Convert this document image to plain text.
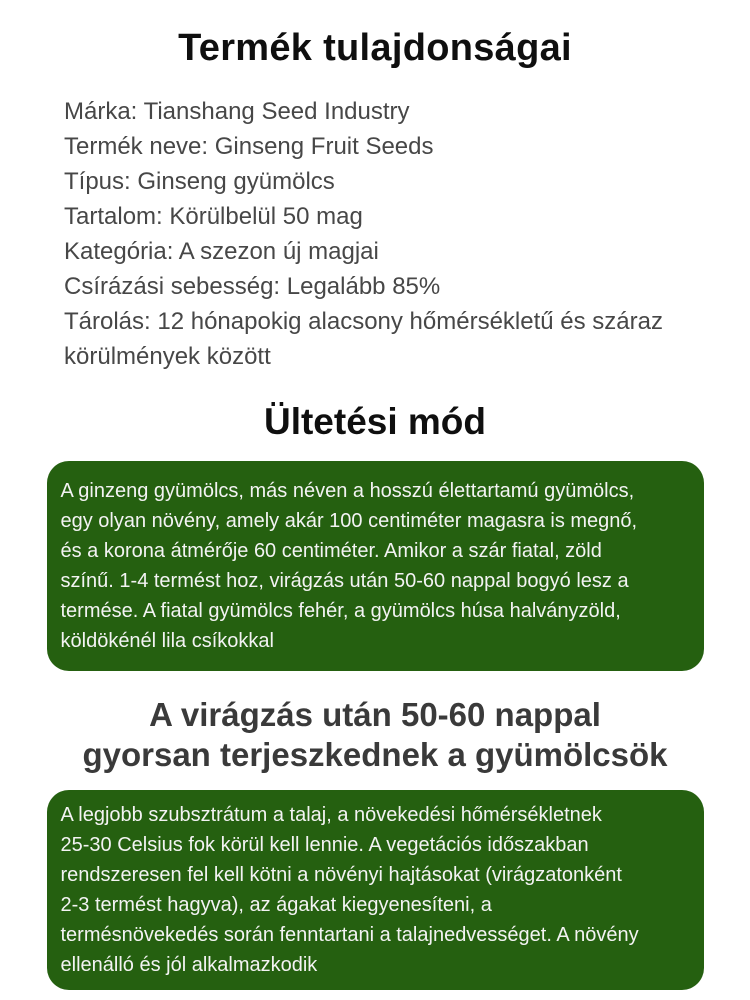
Termék tulajdonságai
Márka: Tianshang Seed Industry
Termék neve: Ginseng Fruit Seeds
Típus: Ginseng gyümölcs
Tartalom: Körülbelül 50 mag
Kategória: A szezon új magjai
Csírázási sebesség: Legalább 85%
Tárolás: 12 hónapokig alacsony hőmérsékletű és száraz körülmények között
Ültetési mód
A ginzeng gyümölcs, más néven a hosszú élettartamú gyümölcs,
egy olyan növény, amely akár 100 centiméter magasra is megnő,
és a korona átmérője 60 centiméter. Amikor a szár fiatal, zöld
színű. 1-4 termést hoz, virágzás után 50-60 nappal bogyó lesz a
termése. A fiatal gyümölcs fehér, a gyümölcs húsa halványzöld,
köldökénél lila csíkokkal
A virágzás után 50-60 nappal
gyorsan terjeszkednek a gyümölcsök
A legjobb szubsztrátum a talaj, a növekedési hőmérsékletnek
25-30 Celsius fok körül kell lennie. A vegetációs időszakban
rendszeresen fel kell kötni a növényi hajtásokat (virágzatonként
2-3 termést hagyva), az ágakat kiegyenesíteni, a
termésnövekedés során fenntartani a talajnedvességet. A növény
ellenálló és jól alkalmazkodik
